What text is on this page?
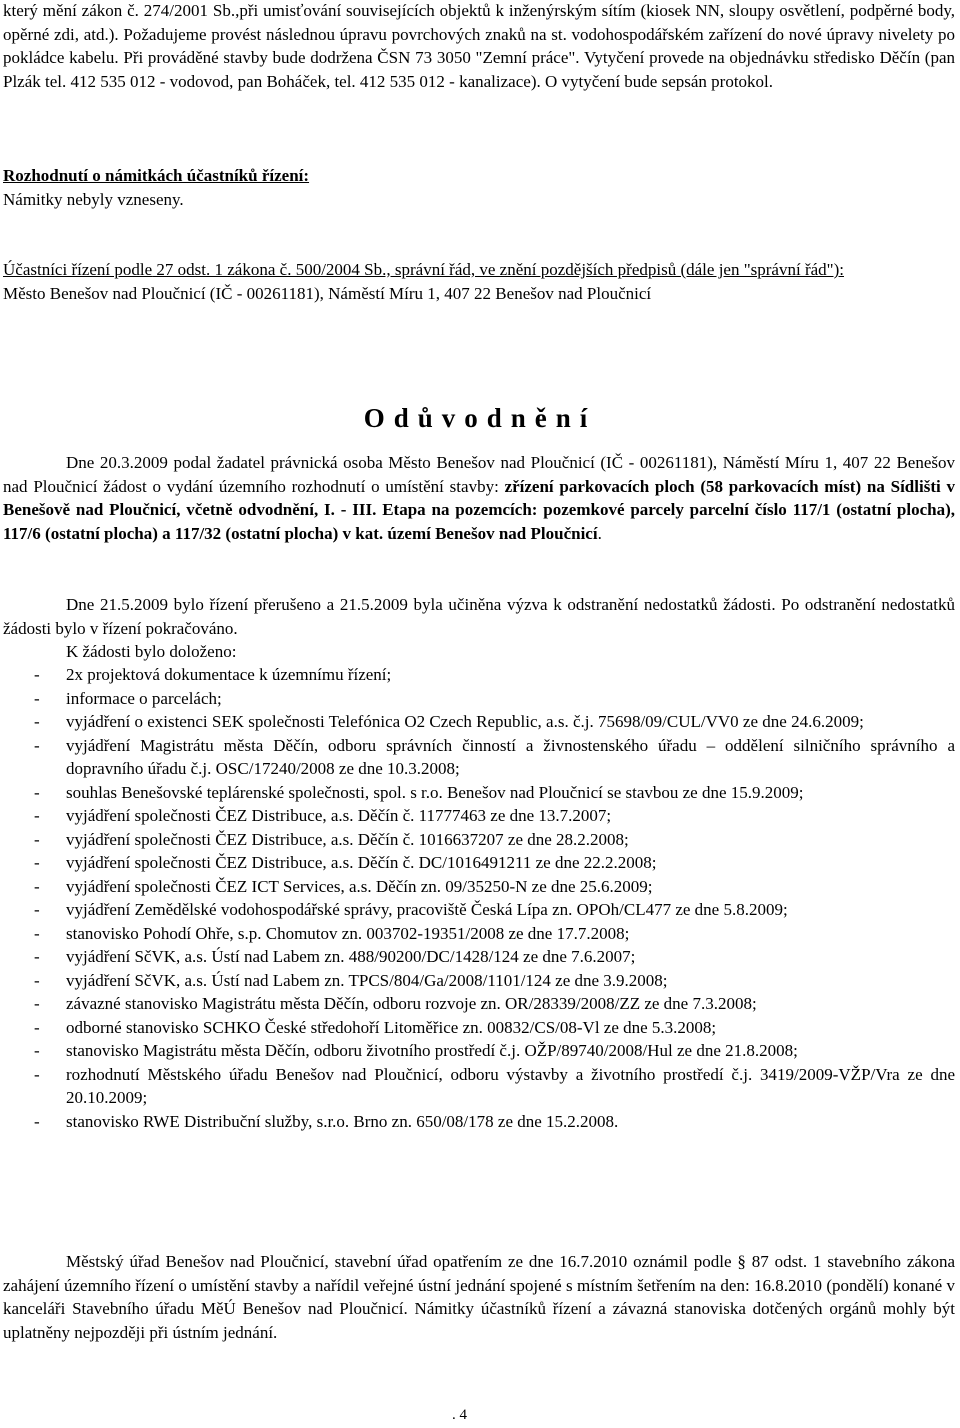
který mění zákon č. 274/2001 Sb.,při umisťování souvisejících objektů k inženýrským sítím (kiosek NN, sloupy osvětlení, podpěrné body, opěrné zdi, atd.). Požadujeme provést následnou úpravu povrchových znaků na st. vodohospodářském zařízení do nové úpravy nivelety po pokládce kabelu. Při prováděné stavby bude dodržena ČSN 73 3050 "Zemní práce". Vytyčení provede na objednávku středisko Děčín (pan Plzák tel. 412 535 012 - vodovod, pan Boháček, tel. 412 535 012 - kanalizace). O vytyčení bude sepsán protokol.

Rozhodnutí o námitkách účastníků řízení:
Námitky nebyly vzneseny.

Účastníci řízení podle 27 odst. 1 zákona č. 500/2004 Sb., správní řád, ve znění pozdějších předpisů (dále jen "správní řád"):
Město Benešov nad Ploučnicí (IČ - 00261181), Náměstí Míru 1, 407 22 Benešov nad Ploučnicí

Odůvodnění

Dne 20.3.2009 podal žadatel právnická osoba Město Benešov nad Ploučnicí (IČ - 00261181), Náměstí Míru 1, 407 22 Benešov nad Ploučnicí žádost o vydání územního rozhodnutí o umístění stavby: zřízení parkovacích ploch (58 parkovacích míst) na Sídlišti v Benešově nad Ploučnicí, včetně odvodnění, I. - III. Etapa na pozemcích: pozemkové parcely parcelní číslo 117/1 (ostatní plocha), 117/6 (ostatní plocha) a 117/32 (ostatní plocha) v kat. území Benešov nad Ploučnicí.

Dne 21.5.2009 bylo řízení přerušeno a 21.5.2009 byla učiněna výzva k odstranění nedostatků žádosti. Po odstranění nedostatků žádosti bylo v řízení pokračováno.

K žádosti bylo doloženo:

- 2x projektová dokumentace k územnímu řízení;
- informace o parcelách;
- vyjádření o existenci SEK společnosti Telefónica O2 Czech Republic, a.s. č.j. 75698/09/CUL/VV0 ze dne 24.6.2009;
- vyjádření Magistrátu města Děčín, odboru správních činností a živnostenského úřadu – oddělení silničního správního a dopravního úřadu č.j. OSC/17240/2008 ze dne 10.3.2008;
- souhlas Benešovské teplárenské společnosti, spol. s r.o. Benešov nad Ploučnicí se stavbou ze dne 15.9.2009;
- vyjádření společnosti ČEZ Distribuce, a.s. Děčín č. 11777463 ze dne 13.7.2007;
- vyjádření společnosti ČEZ Distribuce, a.s. Děčín č. 1016637207 ze dne 28.2.2008;
- vyjádření společnosti ČEZ Distribuce, a.s. Děčín č. DC/1016491211 ze dne 22.2.2008;
- vyjádření společnosti ČEZ ICT Services, a.s. Děčín zn. 09/35250-N ze dne 25.6.2009;
- vyjádření Zemědělské vodohospodářské správy, pracoviště Česká Lípa zn. OPOh/CL477 ze dne 5.8.2009;
- stanovisko Pohodí Ohře, s.p. Chomutov zn. 003702-19351/2008 ze dne 17.7.2008;
- vyjádření SčVK, a.s. Ústí nad Labem zn. 488/90200/DC/1428/124 ze dne 7.6.2007;
- vyjádření SčVK, a.s. Ústí nad Labem zn. TPCS/804/Ga/2008/1101/124 ze dne 3.9.2008;
- závazné stanovisko Magistrátu města Děčín, odboru rozvoje zn. OR/28339/2008/ZZ ze dne 7.3.2008;
- odborné stanovisko SCHKO České středohoří Litoměřice zn. 00832/CS/08-Vl ze dne 5.3.2008;
- stanovisko Magistrátu města Děčín, odboru životního prostředí č.j. OŽP/89740/2008/Hul ze dne 21.8.2008;
- rozhodnutí Městského úřadu Benešov nad Ploučnicí, odboru výstavby a životního prostředí č.j. 3419/2009-VŽP/Vra ze dne 20.10.2009;
- stanovisko RWE Distribuční služby, s.r.o. Brno zn. 650/08/178 ze dne 15.2.2008.

Městský úřad Benešov nad Ploučnicí, stavební úřad opatřením ze dne 16.7.2010 oznámil podle § 87 odst. 1 stavebního zákona zahájení územního řízení o umístění stavby a nařídil veřejné ústní jednání spojené s místním šetřením na den: 16.8.2010 (pondělí) konané v kanceláři Stavebního úřadu MěÚ Benešov nad Ploučnicí. Námitky účastníků řízení a závazná stanoviska dotčených orgánů mohly být uplatněny nejpozději při ústním jednání.

. 4
